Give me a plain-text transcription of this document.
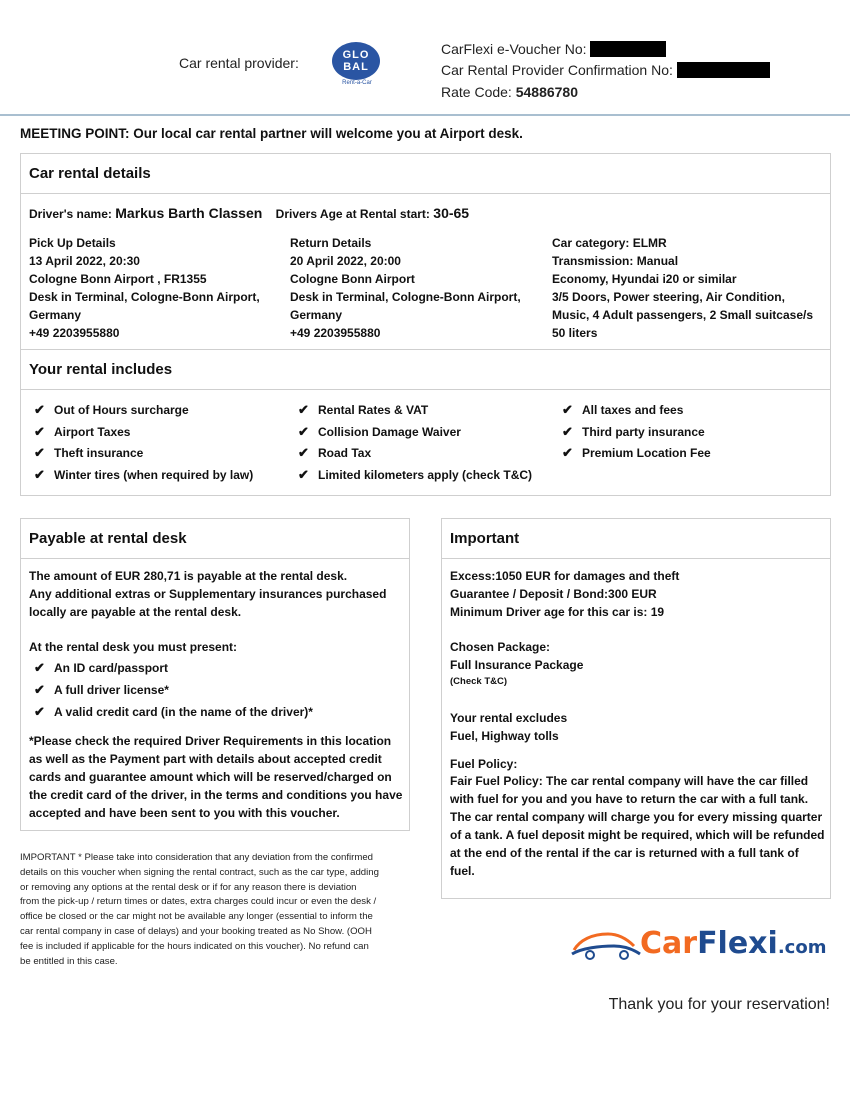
Car rental provider:	GLO
BAL
Rent-a-Car
CarFlexi e-Voucher No:
Car Rental Provider Confirmation No:
Rate Code: 54886780
MEETING POINT: Our local car rental partner will welcome you at Airport desk.
Car rental details
Driver's name: Markus Barth Classen Drivers Age at Rental start: 30-65
Pick Up Details
13 April 2022, 20:30
Cologne Bonn Airport , FR1355
Desk in Terminal, Cologne-Bonn Airport,
Germany
+49 2203955880
Return Details
20 April 2022, 20:00
Cologne Bonn Airport
Desk in Terminal, Cologne-Bonn Airport,
Germany
+49 2203955880
Car category: ELMR
Transmission: Manual
Economy, Hyundai i20 or similar
3/5 Doors, Power steering, Air Condition,
Music, 4 Adult passengers, 2 Small suitcase/s
50 liters
Your rental includes
✔ Out of Hours surcharge
✔ Airport Taxes
✔ Theft insurance
✔ Winter tires (when required by law)
✔ Rental Rates & VAT
✔ Collision Damage Waiver
✔ Road Tax
✔ Limited kilometers apply (check T&C)
✔ All taxes and fees
✔ Third party insurance
✔ Premium Location Fee
Payable at rental desk
The amount of EUR 280,71 is payable at the rental desk.
Any additional extras or Supplementary insurances purchased
locally are payable at the rental desk.
At the rental desk you must present:
✔ An ID card/passport
✔ A full driver license*
✔ A valid credit card (in the name of the driver)*
*Please check the required Driver Requirements in this location
as well as the Payment part with details about accepted credit
cards and guarantee amount which will be reserved/charged on
the credit card of the driver, in the terms and conditions you have
accepted and have been sent to you with this voucher.
Important
Excess:1050 EUR for damages and theft
Guarantee / Deposit / Bond:300 EUR
Minimum Driver age for this car is: 19
Chosen Package:
Full Insurance Package
(Check T&C)
Your rental excludes
Fuel, Highway tolls
Fuel Policy:
Fair Fuel Policy: The car rental company will have the car filled
with fuel for you and you have to return the car with a full tank.
The car rental company will charge you for every missing quarter
of a tank. A fuel deposit might be required, which will be refunded
at the end of the rental if the car is returned with a full tank of
fuel.
IMPORTANT * Please take into consideration that any deviation from the confirmed
details on this voucher when signing the rental contract, such as the car type, adding
or removing any options at the rental desk or if for any reason there is deviation
from the pick-up / return times or dates, extra charges could incur or even the desk /
office be closed or the car might not be available any longer (essential to inform the
car rental company in case of delays) and your booking treated as No Show. (OOH
fee is included if applicable for the hours indicated on this voucher). No refund can
be entitled in this case.
CarFlexi.com
Thank you for your reservation!
